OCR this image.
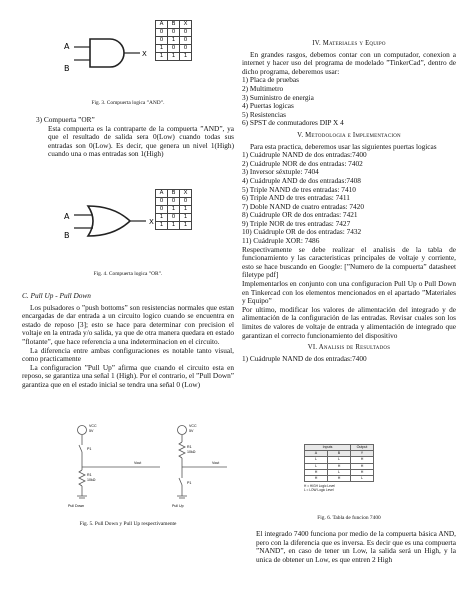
A
B
X
A	B	X
0	0	0
0	1	0
1	0	0
1	1	1
Fig. 3. Compuerta logica ”AND”.

3) Compuerta ”OR”

Esta compuerta es la contraparte de la compuerta ”AND”, ya que el resultado de salida sera 0(Low) cuando todas sus entradas son 0(Low). Es decir, que genera un nivel 1(High) cuando una o mas entradas son 1(High)

A
B
X
A	B	X
0	0	0
0	1	1
1	0	1
1	1	1
Fig. 4. Compuerta logica ”OR”.

C. Pull Up - Pull Down

Los pulsadores o ”push bottoms” son resistencias normales que estan encargadas de dar entrada a un circuito logico cuando se encuentra en estado de reposo [3]; esto se hace para determinar con precision el voltaje en la entrada y/o salida, ya que de otra manera quedara en estado ”flotante”, que hace referencia a una indeterminacion en el circuito.

La diferencia entre ambas configuraciones es notable tanto visual, como practicamente

La configuracion ”Pull Up” afirma que cuando el circuito esta en reposo, se garantiza una señal 1 (High). Por el contrario, el ”Pull Down” garantiza que en el estado inicial se tendra una señal 0 (Low)

VCC
5V
P1
Vout
R1
10kΩ
Pull Down
VCC
5V
R1
10kΩ
Vout
P1
Pull Up
Fig. 5. Pull Down y Pull Up respectivamente

IV. Materiales y Equipo

En grandes rasgos, debemos contar con un computador, conexion a internet y hacer uso del programa de modelado ”TinkerCad”, dentro de dicho programa, deberemos usar:

1) Placa de pruebas
2) Multimetro
3) Suministro de energia
4) Puertas logicas
5) Resistencias
6) SPST de conmutadores DIP X 4

V. Metodologia e Implementacion

Para esta practica, deberemos usar las siguientes puertas logicas

1) Cuádruple NAND de dos entradas:7400
2) Cuádruple NOR de dos entradas: 7402
3) Inversor séxtuple: 7404
4) Cuádruple AND de dos entradas:7408
5) Triple NAND de tres entradas: 7410
6) Triple AND de tres entradas: 7411
7) Doble NAND de cuatro entradas: 7420
8) Cuádruple OR de dos entradas: 7421
9) Triple NOR de tres entradas: 7427
10) Cuádruple OR de dos entradas: 7432
11) Cuádruple XOR: 7486

Respectivamente se debe realizar el analisis de la tabla de funcionamiento y las caracteristicas principales de voltaje y corriente, esto se hace buscando en Google: [”Numero de la compuerta” datasheet filetype pdf]

Implementarlos en conjunto con una configuracion Pull Up o Pull Down en Tinkercad con los elementos mencionados en el apartado ”Materiales y Equipo”

Por ultimo, modificar los valores de alimentación del integrado y de alimentación de la configuración de las entradas. Revisar cuales son los limites de valores de voltaje de entrada y alimentación de integrado que garantizan el correcto funcionamiento del dispositivo

VI. Analisis de Resultados

1) Cuádruple NAND de dos entradas:7400

Inputs		Output
A	B	Y
L	L	H
L	H	H
H	L	H
H	H	L
H = HIGH Logic Level
L = LOW Logic Level
Fig. 6. Tabla de funcion 7400
El integrado 7400 funciona por medio de la compuerta básica AND, pero con la diferencia que es inversa. Es decir que es una compuerta ”NAND”, en caso de tener un Low, la salida será un High, y la unica de obtener un Low, es que entren 2 High
